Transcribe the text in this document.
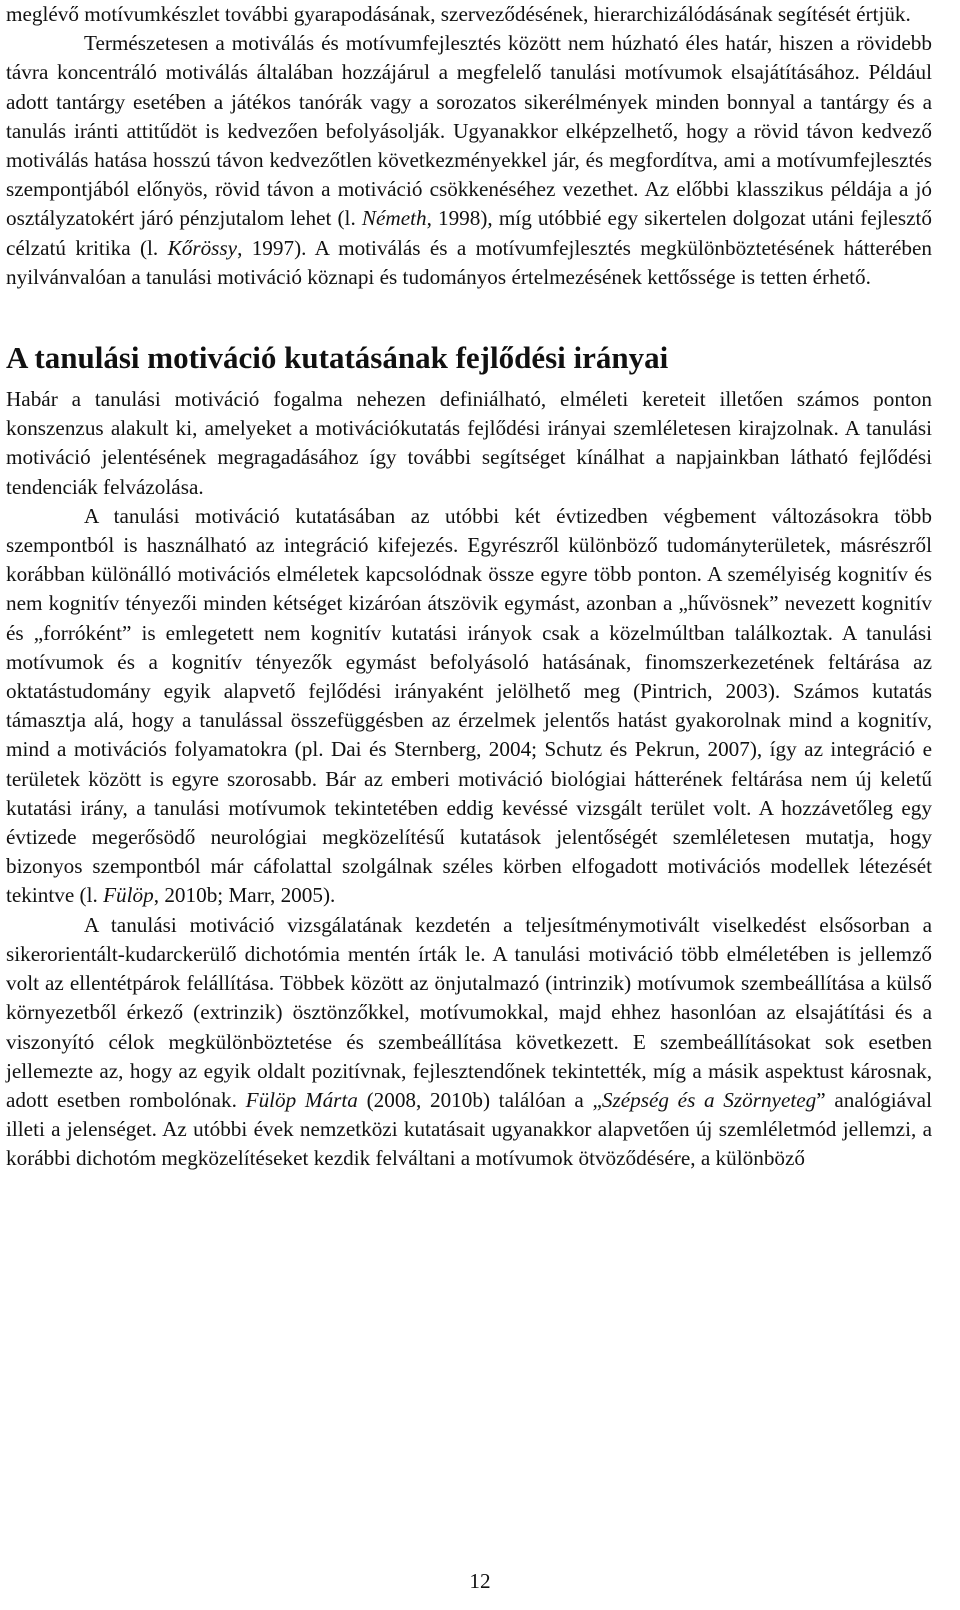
meglévő motívumkészlet további gyarapodásának, szerveződésének, hierarchizálódásának segítését értjük.

Természetesen a motiválás és motívumfejlesztés között nem húzható éles határ, hiszen a rövidebb távra koncentráló motiválás általában hozzájárul a megfelelő tanulási motívumok elsajátításához. Például adott tantárgy esetében a játékos tanórák vagy a sorozatos sikerélmények minden bonnyal a tantárgy és a tanulás iránti attitűdöt is kedvezően befolyásolják. Ugyanakkor elképzelhető, hogy a rövid távon kedvező motiválás hatása hosszú távon kedvezőtlen következményekkel jár, és megfordítva, ami a motívumfejlesztés szempontjából előnyös, rövid távon a motiváció csökkenéséhez vezethet. Az előbbi klasszikus példája a jó osztályzatokért járó pénzjutalom lehet (l. Németh, 1998), míg utóbbié egy sikertelen dolgozat utáni fejlesztő célzatú kritika (l. Kőrössy, 1997). A motiválás és a motívumfejlesztés megkülönböztetésének hátterében nyilvánvalóan a tanulási motiváció köznapi és tudományos értelmezésének kettőssége is tetten érhető.

A tanulási motiváció kutatásának fejlődési irányai

Habár a tanulási motiváció fogalma nehezen definiálható, elméleti kereteit illetően számos ponton konszenzus alakult ki, amelyeket a motivációkutatás fejlődési irányai szemléletesen kirajzolnak. A tanulási motiváció jelentésének megragadásához így további segítséget kínálhat a napjainkban látható fejlődési tendenciák felvázolása.

A tanulási motiváció kutatásában az utóbbi két évtizedben végbement változásokra több szempontból is használható az integráció kifejezés. Egyrészről különböző tudományterületek, másrészről korábban különálló motivációs elméletek kapcsolódnak össze egyre több ponton. A személyiség kognitív és nem kognitív tényezői minden kétséget kizáróan átszövik egymást, azonban a „hűvösnek” nevezett kognitív és „forróként” is emlegetett nem kognitív kutatási irányok csak a közelmúltban találkoztak. A tanulási motívumok és a kognitív tényezők egymást befolyásoló hatásának, finomszerkezetének feltárása az oktatástudomány egyik alapvető fejlődési irányaként jelölhető meg (Pintrich, 2003). Számos kutatás támasztja alá, hogy a tanulással összefüggésben az érzelmek jelentős hatást gyakorolnak mind a kognitív, mind a motivációs folyamatokra (pl. Dai és Sternberg, 2004; Schutz és Pekrun, 2007), így az integráció e területek között is egyre szorosabb. Bár az emberi motiváció biológiai hátterének feltárása nem új keletű kutatási irány, a tanulási motívumok tekintetében eddig kevéssé vizsgált terület volt. A hozzávetőleg egy évtizede megerősödő neurológiai megközelítésű kutatások jelentőségét szemléletesen mutatja, hogy bizonyos szempontból már cáfolattal szolgálnak széles körben elfogadott motivációs modellek létezését tekintve (l. Fülöp, 2010b; Marr, 2005).

A tanulási motiváció vizsgálatának kezdetén a teljesítménymotivált viselkedést elsősorban a sikerorientált-kudarckerülő dichotómia mentén írták le. A tanulási motiváció több elméletében is jellemző volt az ellentétpárok felállítása. Többek között az önjutalmazó (intrinzik) motívumok szembeállítása a külső környezetből érkező (extrinzik) ösztönzőkkel, motívumokkal, majd ehhez hasonlóan az elsajátítási és a viszonyító célok megkülönböztetése és szembeállítása következett. E szembeállításokat sok esetben jellemezte az, hogy az egyik oldalt pozitívnak, fejlesztendőnek tekintették, míg a másik aspektust károsnak, adott esetben rombolónak. Fülöp Márta (2008, 2010b) találóan a „Szépség és a Szörnyeteg” analógiával illeti a jelenséget. Az utóbbi évek nemzetközi kutatásait ugyanakkor alapvetően új szemléletmód jellemzi, a korábbi dichotóm megközelítéseket kezdik felváltani a motívumok ötvöződésére, a különböző

12
